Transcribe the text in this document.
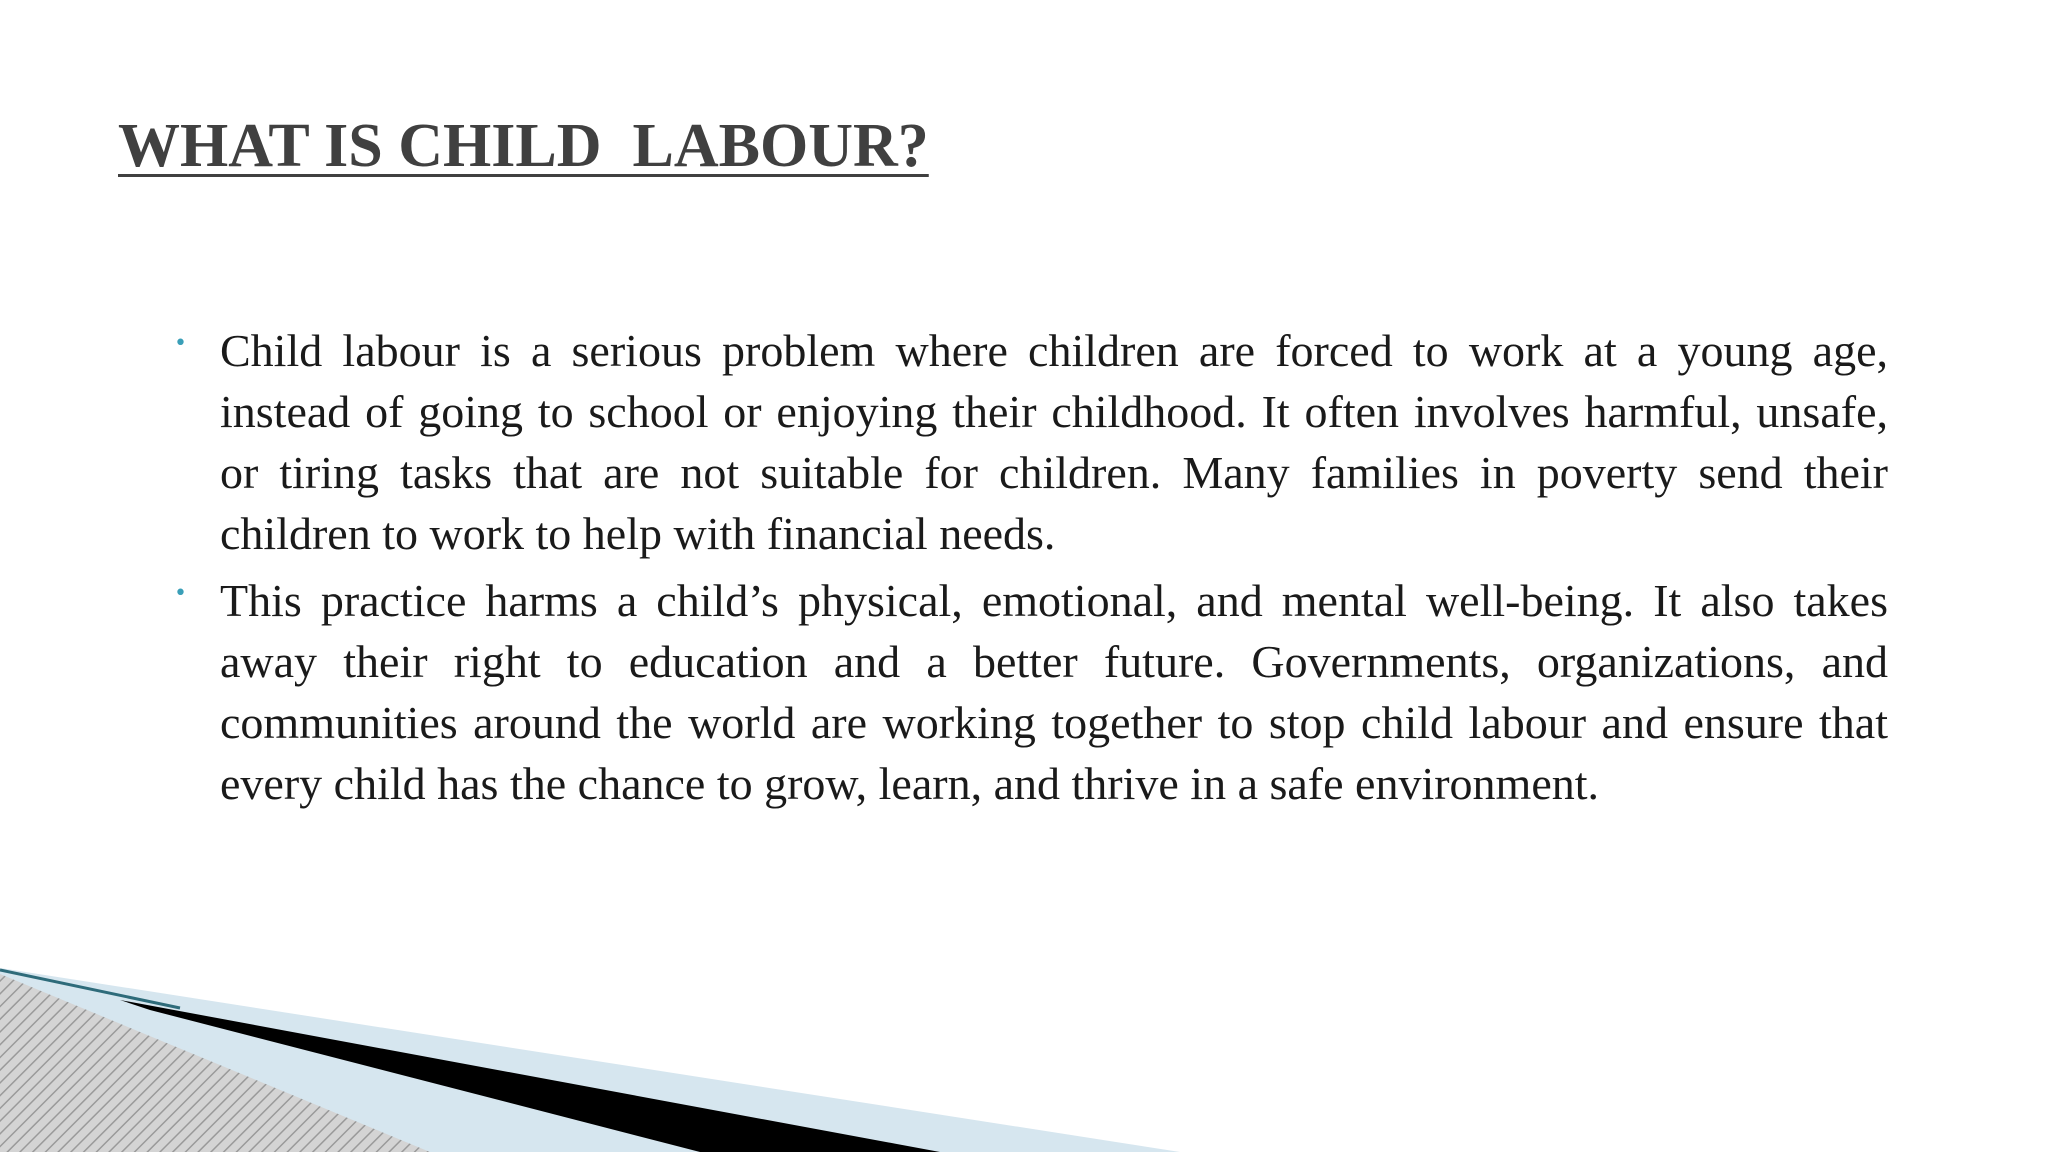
WHAT IS CHILD  LABOUR?
• Child labour is a serious problem where children are forced to work at a young age, instead of going to school or enjoying their childhood. It often involves harmful, unsafe, or tiring tasks that are not suitable for children. Many families in poverty send their children to work to help with financial needs.
• This practice harms a child’s physical, emotional, and mental well-being. It also takes away their right to education and a better future. Governments, organizations, and communities around the world are working together to stop child labour and ensure that every child has the chance to grow, learn, and thrive in a safe environment.
